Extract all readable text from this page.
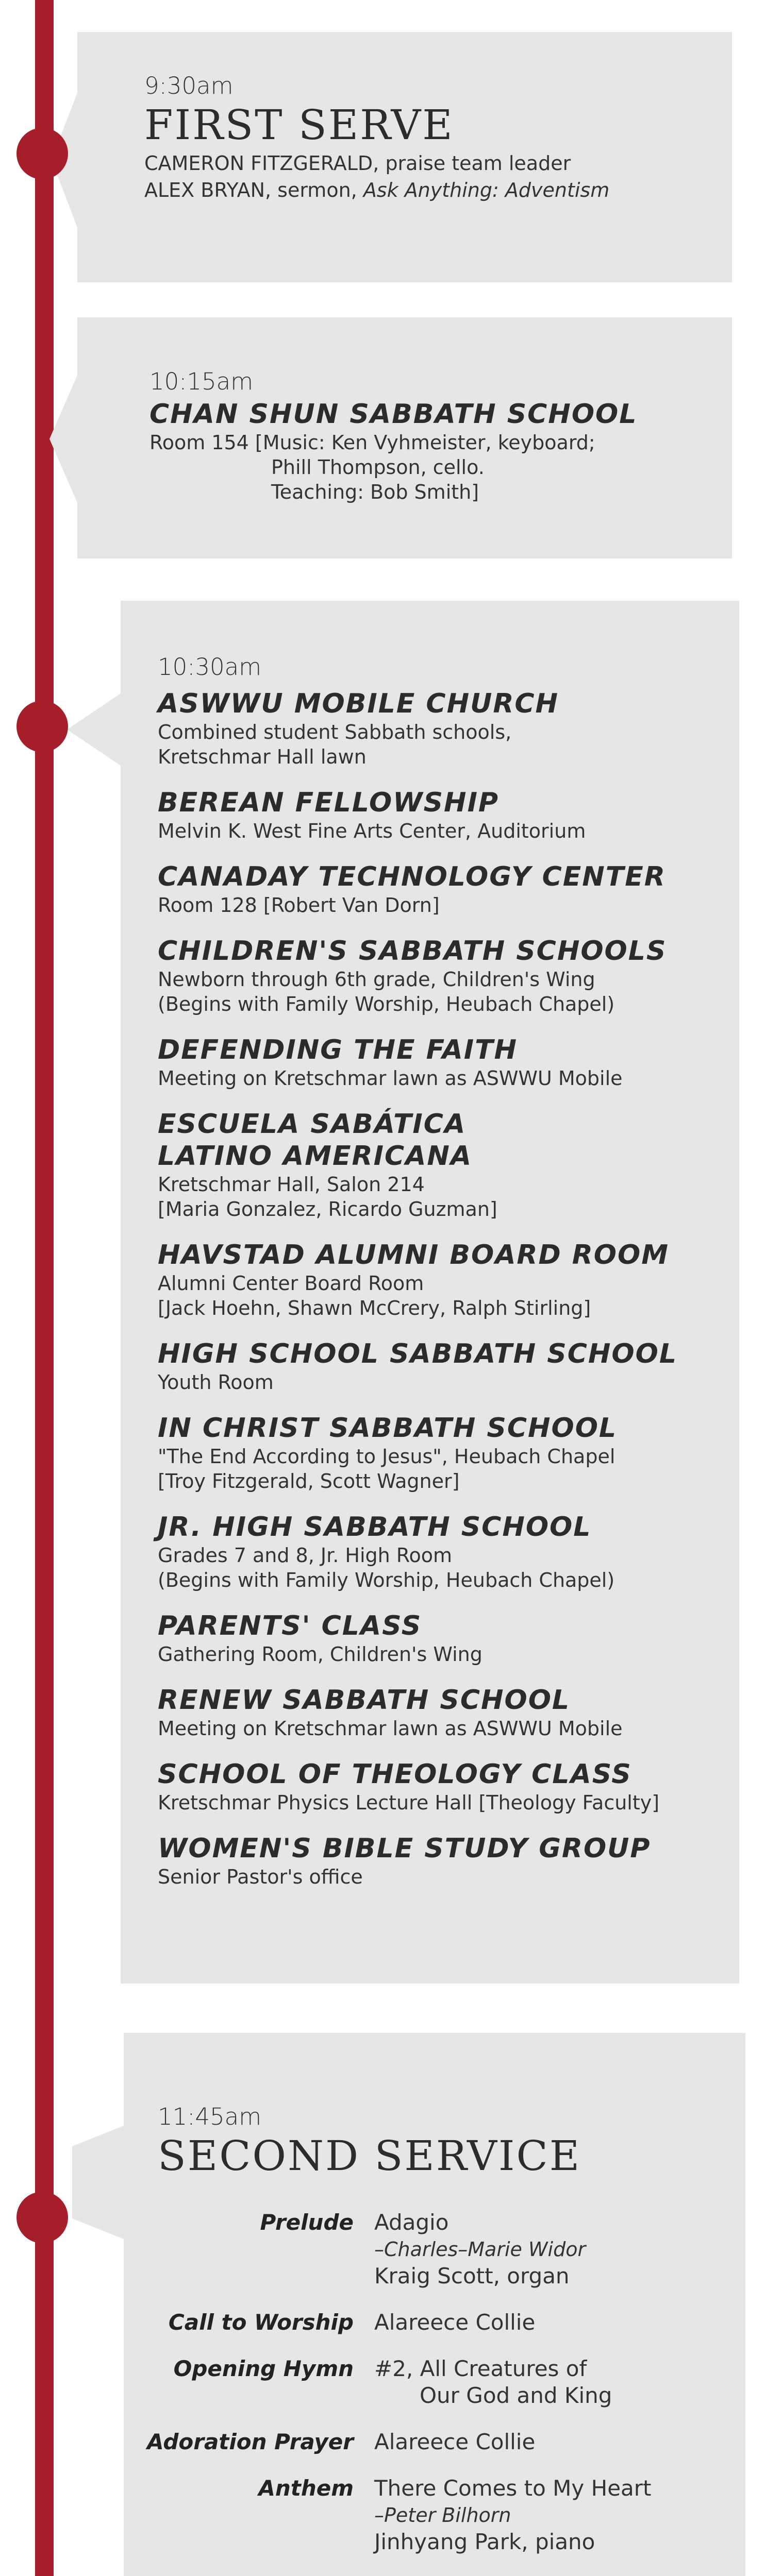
9:30am
FIRST SERVE
CAMERON FITZGERALD, praise team leader
ALEX BRYAN, sermon, Ask Anything: Adventism
10:15am
CHAN SHUN SABBATH SCHOOL
Room 154 [Music: Ken Vyhmeister, keyboard;
Phill Thompson, cello.
Teaching: Bob Smith]
10:30am
ASWWU MOBILE CHURCH
Combined student Sabbath schools,
Kretschmar Hall lawn
BEREAN FELLOWSHIP
Melvin K. West Fine Arts Center, Auditorium
CANADAY TECHNOLOGY CENTER
Room 128 [Robert Van Dorn]
CHILDREN'S SABBATH SCHOOLS
Newborn through 6th grade, Children's Wing
(Begins with Family Worship, Heubach Chapel)
DEFENDING THE FAITH
Meeting on Kretschmar lawn as ASWWU Mobile
ESCUELA SABÁTICA
LATINO AMERICANA
Kretschmar Hall, Salon 214
[Maria Gonzalez, Ricardo Guzman]
HAVSTAD ALUMNI BOARD ROOM
Alumni Center Board Room
[Jack Hoehn, Shawn McCrery, Ralph Stirling]
HIGH SCHOOL SABBATH SCHOOL
Youth Room
IN CHRIST SABBATH SCHOOL
"The End According to Jesus", Heubach Chapel
[Troy Fitzgerald, Scott Wagner]
JR. HIGH SABBATH SCHOOL
Grades 7 and 8, Jr. High Room
(Begins with Family Worship, Heubach Chapel)
PARENTS' CLASS
Gathering Room, Children's Wing
RENEW SABBATH SCHOOL
Meeting on Kretschmar lawn as ASWWU Mobile
SCHOOL OF THEOLOGY CLASS
Kretschmar Physics Lecture Hall [Theology Faculty]
WOMEN'S BIBLE STUDY GROUP
Senior Pastor's office
11:45am
SECOND SERVICE
Prelude Adagio
–Charles–Marie Widor
Kraig Scott, organ
Call to Worship Alareece Collie
Opening Hymn #2, All Creatures of
Our God and King
Adoration Prayer Alareece Collie
Anthem There Comes to My Heart
–Peter Bilhorn
Jinhyang Park, piano
